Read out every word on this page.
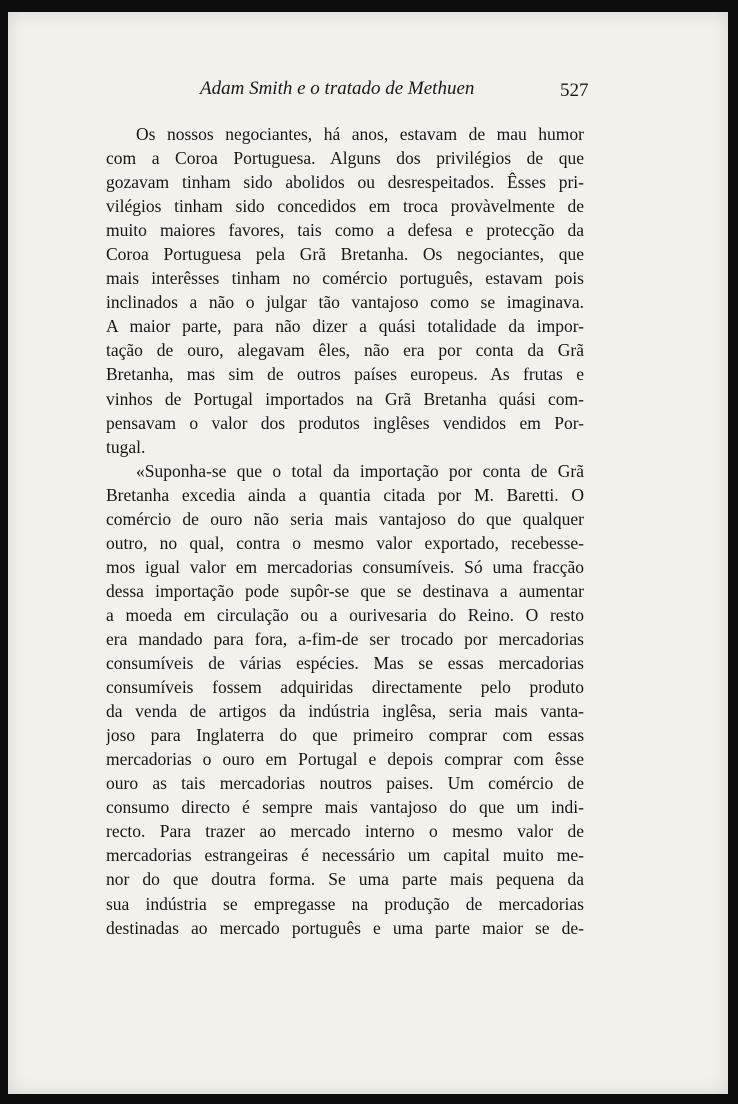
Adam Smith e o tratado de Methuen	527
Os nossos negociantes, há anos, estavam de mau humor
com a Coroa Portuguesa. Alguns dos privilégios de que
gozavam tinham sido abolidos ou desrespeitados. Êsses pri-
vilégios tinham sido concedidos em troca provàvelmente de
muito maiores favores, tais como a defesa e protecção da
Coroa Portuguesa pela Grã Bretanha. Os negociantes, que
mais interêsses tinham no comércio português, estavam pois
inclinados a não o julgar tão vantajoso como se imaginava.
A maior parte, para não dizer a quási totalidade da impor-
tação de ouro, alegavam êles, não era por conta da Grã
Bretanha, mas sim de outros países europeus. As frutas e
vinhos de Portugal importados na Grã Bretanha quási com-
pensavam o valor dos produtos inglêses vendidos em Por-
tugal.
«Suponha-se que o total da importação por conta de Grã
Bretanha excedia ainda a quantia citada por M. Baretti. O
comércio de ouro não seria mais vantajoso do que qualquer
outro, no qual, contra o mesmo valor exportado, recebesse-
mos igual valor em mercadorias consumíveis. Só uma fracção
dessa importação pode supôr-se que se destinava a aumentar
a moeda em circulação ou a ourivesaria do Reino. O resto
era mandado para fora, a-fim-de ser trocado por mercadorias
consumíveis de várias espécies. Mas se essas mercadorias
consumíveis fossem adquiridas directamente pelo produto
da venda de artigos da indústria inglêsa, seria mais vanta-
joso para Inglaterra do que primeiro comprar com essas
mercadorias o ouro em Portugal e depois comprar com êsse
ouro as tais mercadorias noutros paises. Um comércio de
consumo directo é sempre mais vantajoso do que um indi-
recto. Para trazer ao mercado interno o mesmo valor de
mercadorias estrangeiras é necessário um capital muito me-
nor do que doutra forma. Se uma parte mais pequena da
sua indústria se empregasse na produção de mercadorias
destinadas ao mercado português e uma parte maior se de-
